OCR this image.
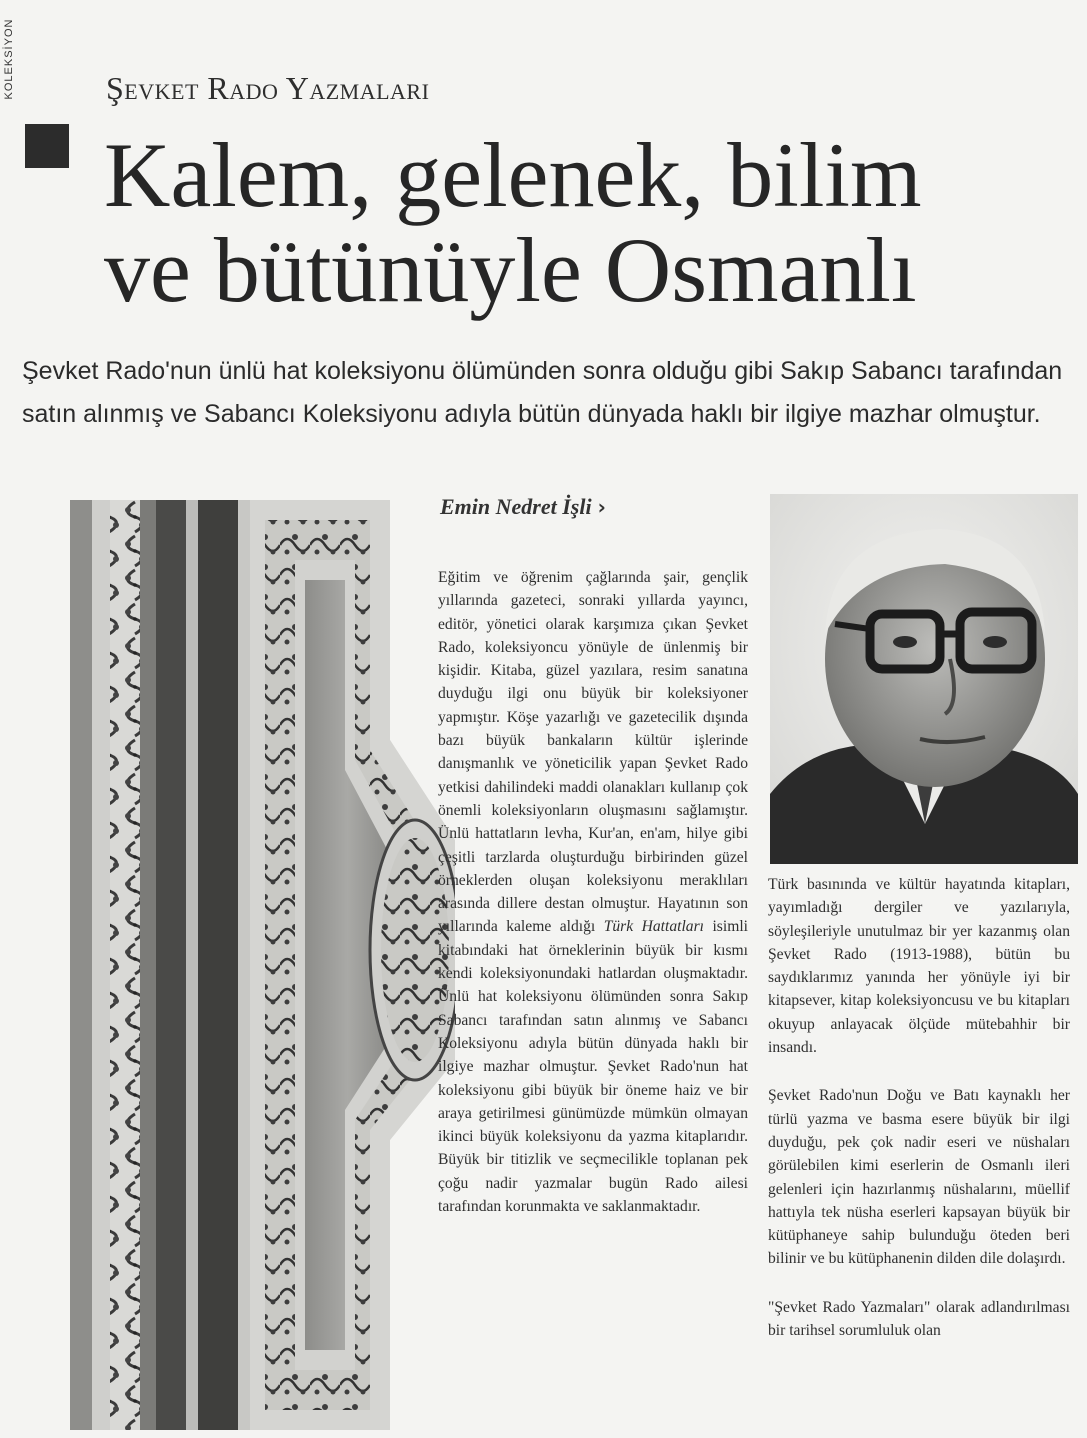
KOLEKSİYON	Şevket Rado Yazmaları
Kalem, gelenek, bilim
ve bütünüyle Osmanlı
Şevket Rado'nun ünlü hat koleksiyonu ölümünden sonra olduğu gibi Sakıp Sabancı tarafından satın alınmış ve Sabancı Koleksiyonu adıyla bütün dünyada haklı bir ilgiye mazhar olmuştur.
Emin Nedret İşli ›

Eğitim ve öğrenim çağlarında şair, gençlik yıllarında gazeteci, sonraki yıllarda yayıncı, editör, yönetici olarak karşımıza çıkan Şevket Rado, koleksiyoncu yönüyle de ünlenmiş bir kişidir. Kitaba, güzel yazılara, resim sanatına duyduğu ilgi onu büyük bir koleksiyoner yapmıştır. Köşe yazarlığı ve gazetecilik dışında bazı büyük bankaların kültür işlerinde danışmanlık ve yöneticilik yapan Şevket Rado yetkisi dahilindeki maddi olanakları kullanıp çok önemli koleksiyonların oluşmasını sağlamıştır. Ünlü hattatların levha, Kur'an, en'am, hilye gibi çeşitli tarzlarda oluşturduğu birbirinden güzel örneklerden oluşan koleksiyonu meraklıları arasında dillere destan olmuştur. Hayatının son yıllarında kaleme aldığı Türk Hattatları isimli kitabındaki hat örneklerinin büyük bir kısmı kendi koleksiyonundaki hatlardan oluşmaktadır. Ünlü hat koleksiyonu ölümünden sonra Sakıp Sabancı tarafından satın alınmış ve Sabancı Koleksiyonu adıyla bütün dünyada haklı bir ilgiye mazhar olmuştur. Şevket Rado'nun hat koleksiyonu gibi büyük bir öneme haiz ve bir araya getirilmesi günümüzde mümkün olmayan ikinci büyük koleksiyonu da yazma kitaplarıdır. Büyük bir titizlik ve seçmecilikle toplanan pek çoğu nadir yazmalar bugün Rado ailesi tarafından korunmakta ve saklanmaktadır.

Türk basınında ve kültür hayatında kitapları, yayımladığı dergiler ve yazılarıyla, söyleşileriyle unutulmaz bir yer kazanmış olan Şevket Rado (1913-1988), bütün bu saydıklarımız yanında her yönüyle iyi bir kitapsever, kitap koleksiyoncusu ve bu kitapları okuyup anlayacak ölçüde mütebahhir bir insandı.

Şevket Rado'nun Doğu ve Batı kaynaklı her türlü yazma ve basma esere büyük bir ilgi duyduğu, pek çok nadir eseri ve nüshaları görülebilen kimi eserlerin de Osmanlı ileri gelenleri için hazırlanmış nüshalarını, müellif hattıyla tek nüsha eserleri kapsayan büyük bir kütüphaneye sahip bulunduğu öteden beri bilinir ve bu kütüphanenin dilden dile dolaşırdı.

"Şevket Rado Yazmaları" olarak adlandırılması bir tarihsel sorumluluk olan
